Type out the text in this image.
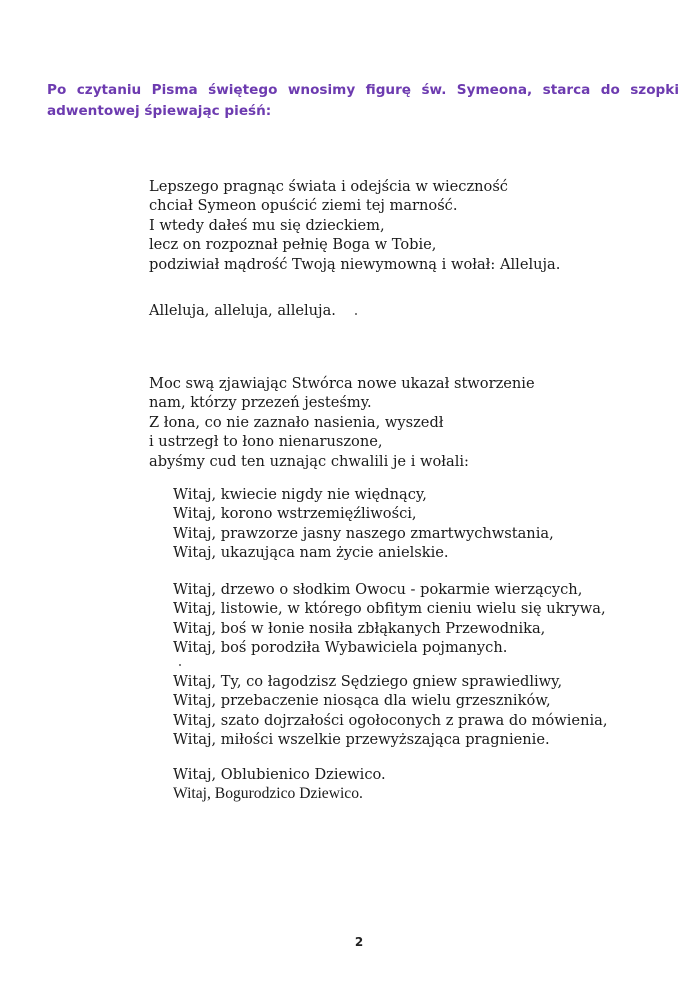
Po czytaniu Pisma świętego wnosimy figurę św. Symeona, starca do szopki adwentowej śpiewając pieśń:

Lepszego pragnąc świata i odejścia w wieczność
chciał Symeon opuścić ziemi tej marność.
I wtedy dałeś mu się dzieckiem,
lecz on rozpoznał pełnię Boga w Tobie,
podziwiał mądrość Twoją niewymowną i wołał: Alleluja.
Alleluja, alleluja, alleluja.
Moc swą zjawiając Stwórca nowe ukazał stworzenie
nam, którzy przezeń jesteśmy.
Z łona, co nie zaznało nasienia, wyszedł
i ustrzegł to łono nienaruszone,
abyśmy cud ten uznając chwalili je i wołali:
Witaj, kwiecie nigdy nie więdnący,
Witaj, korono wstrzemięźliwości,
Witaj, prawzorze jasny naszego zmartwychwstania,
Witaj, ukazująca nam życie anielskie.
Witaj, drzewo o słodkim Owocu - pokarmie wierzących,
Witaj, listowie, w którego obfitym cieniu wielu się ukrywa,
Witaj, boś w łonie nosiła zbłąkanych Przewodnika,
Witaj, boś porodziła Wybawiciela pojmanych.
Witaj, Ty, co łagodzisz Sędziego gniew sprawiedliwy,
Witaj, przebaczenie niosąca dla wielu grzeszników,
Witaj, szato dojrzałości ogołoconych z prawa do mówienia,
Witaj, miłości wszelkie przewyższająca pragnienie.
Witaj, Oblubienico Dziewico.
Witaj, Bogurodzico Dziewico.
2
